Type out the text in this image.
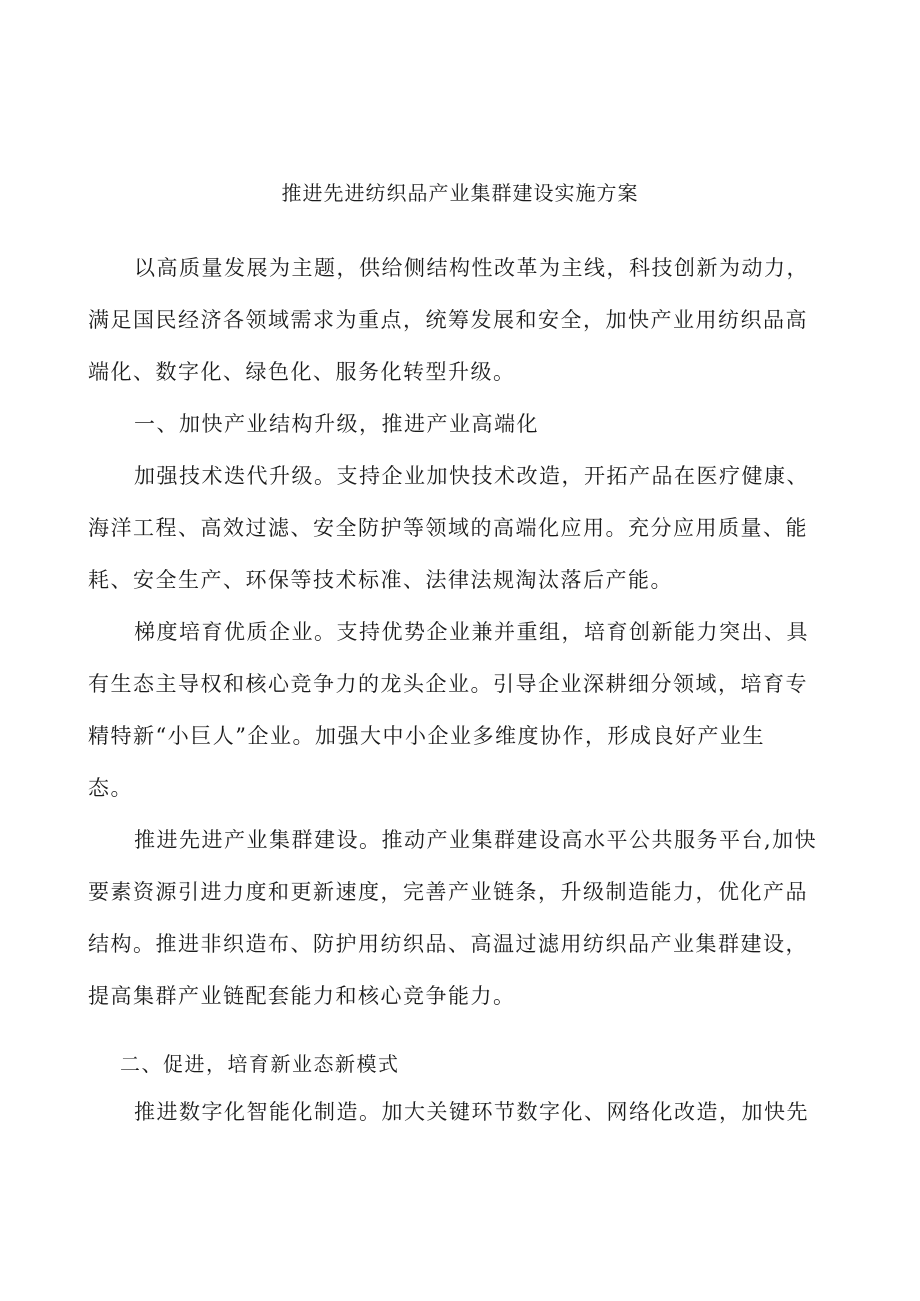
推进先进纺织品产业集群建设实施方案
以高质量发展为主题，供给侧结构性改革为主线，科技创新为动力，
满足国民经济各领域需求为重点，统筹发展和安全，加快产业用纺织品高
端化、数字化、绿色化、服务化转型升级。
一、加快产业结构升级，推进产业高端化
加强技术迭代升级。支持企业加快技术改造，开拓产品在医疗健康、
海洋工程、高效过滤、安全防护等领域的高端化应用。充分应用质量、能
耗、安全生产、环保等技术标准、法律法规淘汰落后产能。
梯度培育优质企业。支持优势企业兼并重组，培育创新能力突出、具
有生态主导权和核心竞争力的龙头企业。引导企业深耕细分领域，培育专
精特新“小巨人”企业。加强大中小企业多维度协作，形成良好产业生
态。
推进先进产业集群建设。推动产业集群建设高水平公共服务平台,加快
要素资源引进力度和更新速度，完善产业链条，升级制造能力，优化产品
结构。推进非织造布、防护用纺织品、高温过滤用纺织品产业集群建设，
提高集群产业链配套能力和核心竞争能力。
二、促进，培育新业态新模式
推进数字化智能化制造。加大关键环节数字化、网络化改造，加快先
